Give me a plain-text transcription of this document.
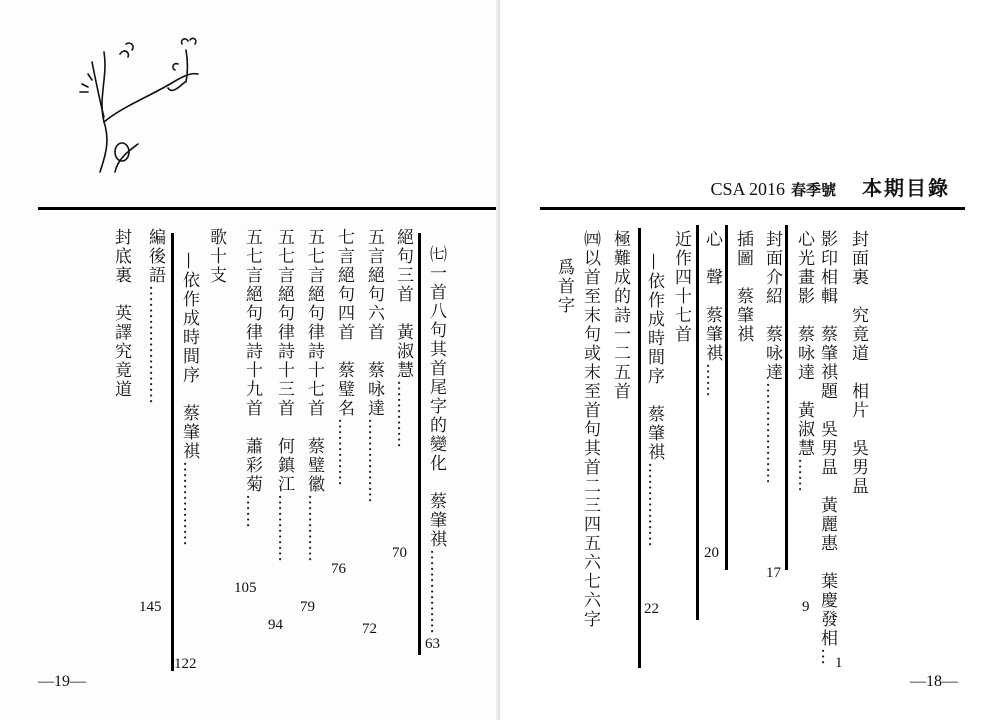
㈦一首八句其首尾字的變化　蔡肇祺……………
63
絕句三首　黃淑慧…………
70
五言絕句六首　蔡咏達……………
72
七言絕句四首　蔡璧名…………
76
五七言絕句律詩十七首　蔡璧徽…………
79
五七言絕句律詩十三首　何鎮江…………
94
五七言絕句律詩十九首　蕭彩菊……
105
歌十支
—依作成時間序　蔡肇祺……………
122
編後語…………………
145
封底裏　英譯究竟道
—19—
CSA 2016 春季號 本期目錄
封面裏　究竟道　相片　吳男昷
影印相輯　蔡肇祺題　吳男昷　黃麗惠　葉慶發相…
1
心光畫影　蔡咏達　黃淑慧……
9
封面介紹　蔡咏達………………
17
插圖　蔡肇祺
心　聲　蔡肇祺……
20
近作四十七首
—依作成時間序　蔡肇祺……………
22
極難成的詩一二五首
㈣以首至末句或末至首句其首二三四五六七六字
爲首字
—18—
